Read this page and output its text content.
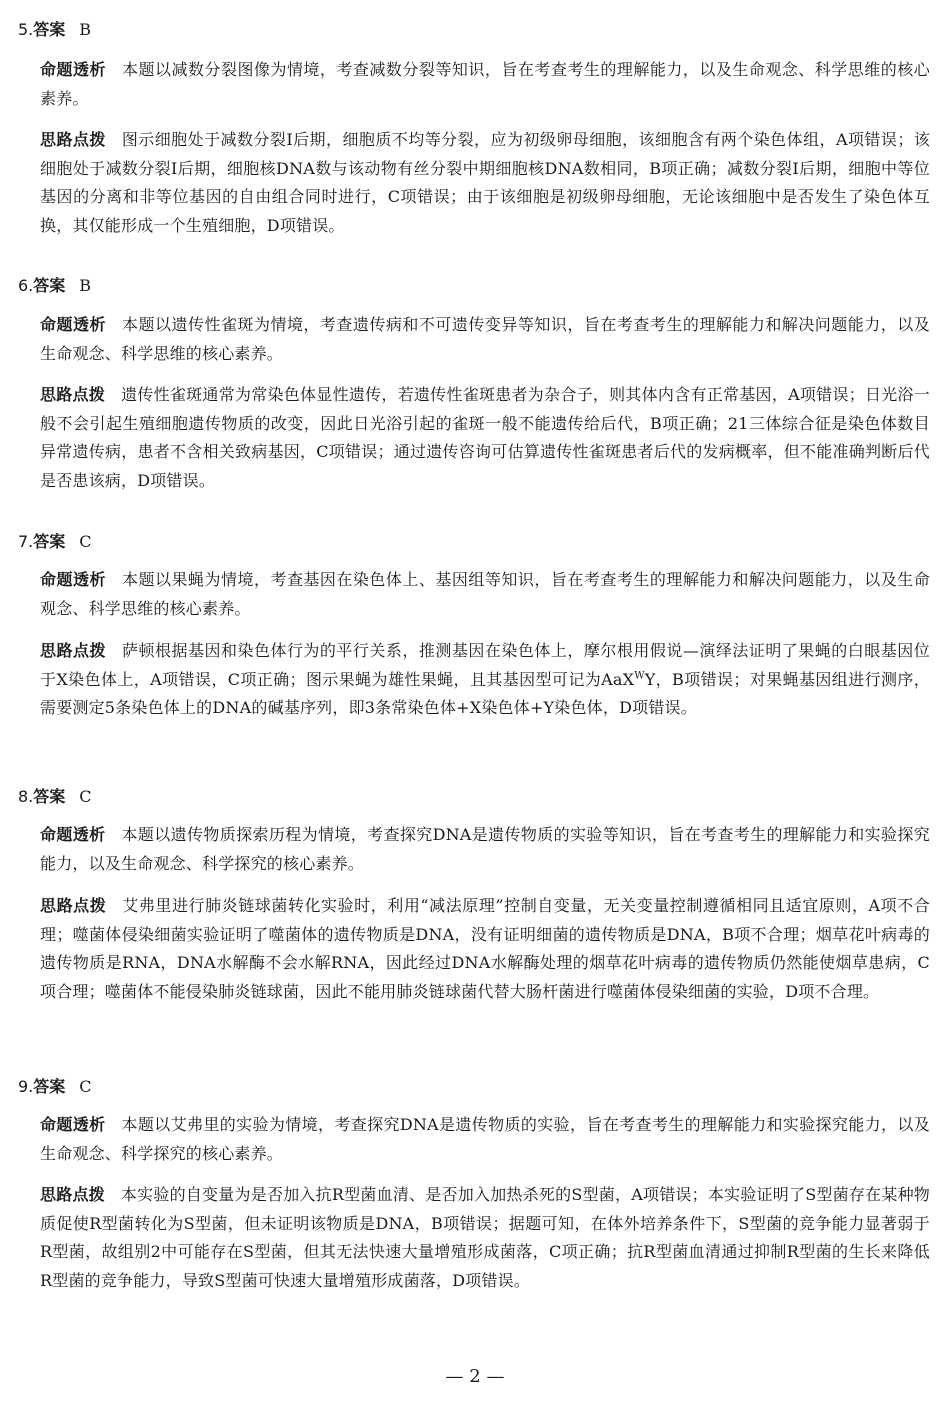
5.答案 B
命题透析 本题以减数分裂图像为情境，考查减数分裂等知识，旨在考查考生的理解能力，以及生命观念、科学思维的核心素养。
思路点拨 图示细胞处于减数分裂Ⅰ后期，细胞质不均等分裂，应为初级卵母细胞，该细胞含有两个染色体组，A项错误；该细胞处于减数分裂Ⅰ后期，细胞核DNA数与该动物有丝分裂中期细胞核DNA数相同，B项正确；减数分裂Ⅰ后期，细胞中等位基因的分离和非等位基因的自由组合同时进行，C项错误；由于该细胞是初级卵母细胞，无论该细胞中是否发生了染色体互换，其仅能形成一个生殖细胞，D项错误。
6.答案 B
命题透析 本题以遗传性雀斑为情境，考查遗传病和不可遗传变异等知识，旨在考查考生的理解能力和解决问题能力，以及生命观念、科学思维的核心素养。
思路点拨 遗传性雀斑通常为常染色体显性遗传，若遗传性雀斑患者为杂合子，则其体内含有正常基因，A项错误；日光浴一般不会引起生殖细胞遗传物质的改变，因此日光浴引起的雀斑一般不能遗传给后代，B项正确；21三体综合征是染色体数目异常遗传病，患者不含相关致病基因，C项错误；通过遗传咨询可估算遗传性雀斑患者后代的发病概率，但不能准确判断后代是否患该病，D项错误。
7.答案 C
命题透析 本题以果蝇为情境，考查基因在染色体上、基因组等知识，旨在考查考生的理解能力和解决问题能力，以及生命观念、科学思维的核心素养。
思路点拨 萨顿根据基因和染色体行为的平行关系，推测基因在染色体上，摩尔根用假说—演绎法证明了果蝇的白眼基因位于X染色体上，A项错误，C项正确；图示果蝇为雄性果蝇，且其基因型可记为AaX$^W$Y，B项错误；对果蝇基因组进行测序，需要测定5条染色体上的DNA的碱基序列，即3条常染色体+X染色体+Y染色体，D项错误。
8.答案 C
命题透析 本题以遗传物质探索历程为情境，考查探究DNA是遗传物质的实验等知识，旨在考查考生的理解能力和实验探究能力，以及生命观念、科学探究的核心素养。
思路点拨 艾弗里进行肺炎链球菌转化实验时，利用“减法原理”控制自变量，无关变量控制遵循相同且适宜原则，A项不合理；噬菌体侵染细菌实验证明了噬菌体的遗传物质是DNA，没有证明细菌的遗传物质是DNA，B项不合理；烟草花叶病毒的遗传物质是RNA，DNA水解酶不会水解RNA，因此经过DNA水解酶处理的烟草花叶病毒的遗传物质仍然能使烟草患病，C项合理；噬菌体不能侵染肺炎链球菌，因此不能用肺炎链球菌代替大肠杆菌进行噬菌体侵染细菌的实验，D项不合理。
9.答案 C
命题透析 本题以艾弗里的实验为情境，考查探究DNA是遗传物质的实验，旨在考查考生的理解能力和实验探究能力，以及生命观念、科学探究的核心素养。
思路点拨 本实验的自变量为是否加入抗R型菌血清、是否加入加热杀死的S型菌，A项错误；本实验证明了S型菌存在某种物质促使R型菌转化为S型菌，但未证明该物质是DNA，B项错误；据题可知，在体外培养条件下，S型菌的竞争能力显著弱于R型菌，故组别2中可能存在S型菌，但其无法快速大量增殖形成菌落，C项正确；抗R型菌血清通过抑制R型菌的生长来降低R型菌的竞争能力，导致S型菌可快速大量增殖形成菌落，D项错误。
— 2 —
